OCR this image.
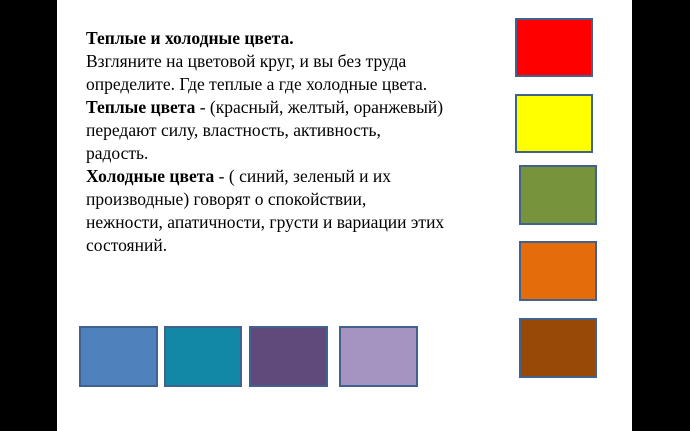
Теплые и холодные цвета.
Взгляните на цветовой круг, и вы без труда определите. Где теплые а где холодные цвета.
Теплые цвета - (красный, желтый, оранжевый) передают силу, властность, активность, радость.
Холодные цвета - ( синий, зеленый и их производные) говорят о спокойствии, нежности, апатичности, грусти и вариации этих состояний.
